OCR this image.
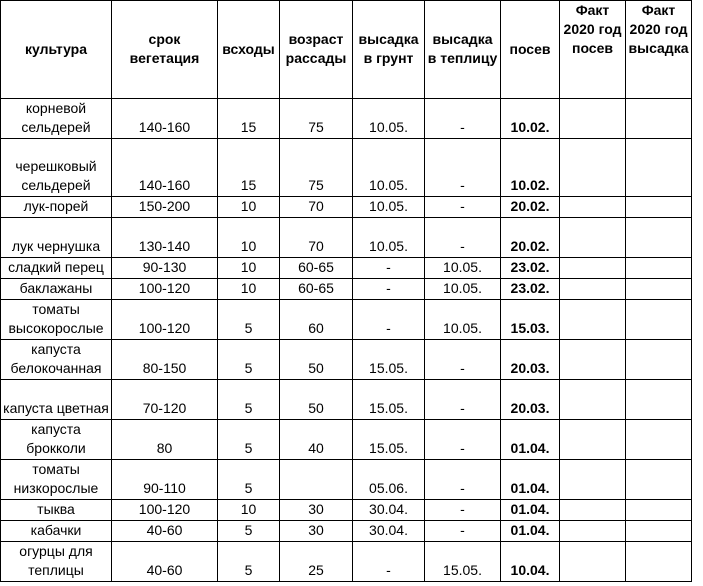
культура	срок вегетация	всходы	возраст рассады	высадка в грунт	высадка в теплицу	посев	Факт 2020 год посев	Факт 2020 год высадка
корневой сельдерей	140-160	15	75	10.05.	-	10.02.		
черешковый сельдерей	140-160	15	75	10.05.	-	10.02.		
лук-порей	150-200	10	70	10.05.	-	20.02.		
лук чернушка	130-140	10	70	10.05.	-	20.02.		
сладкий перец	90-130	10	60-65	-	10.05.	23.02.		
баклажаны	100-120	10	60-65	-	10.05.	23.02.		
томаты высокорослые	100-120	5	60	-	10.05.	15.03.		
капуста белокочанная	80-150	5	50	15.05.	-	20.03.		
капуста цветная	70-120	5	50	15.05.	-	20.03.		
капуста брокколи	80	5	40	15.05.	-	01.04.		
томаты низкорослые	90-110	5		05.06.	-	01.04.		
тыква	100-120	10	30	30.04.	-	01.04.		
кабачки	40-60	5	30	30.04.	-	01.04.		
огурцы для теплицы	40-60	5	25	-	15.05.	10.04.		
